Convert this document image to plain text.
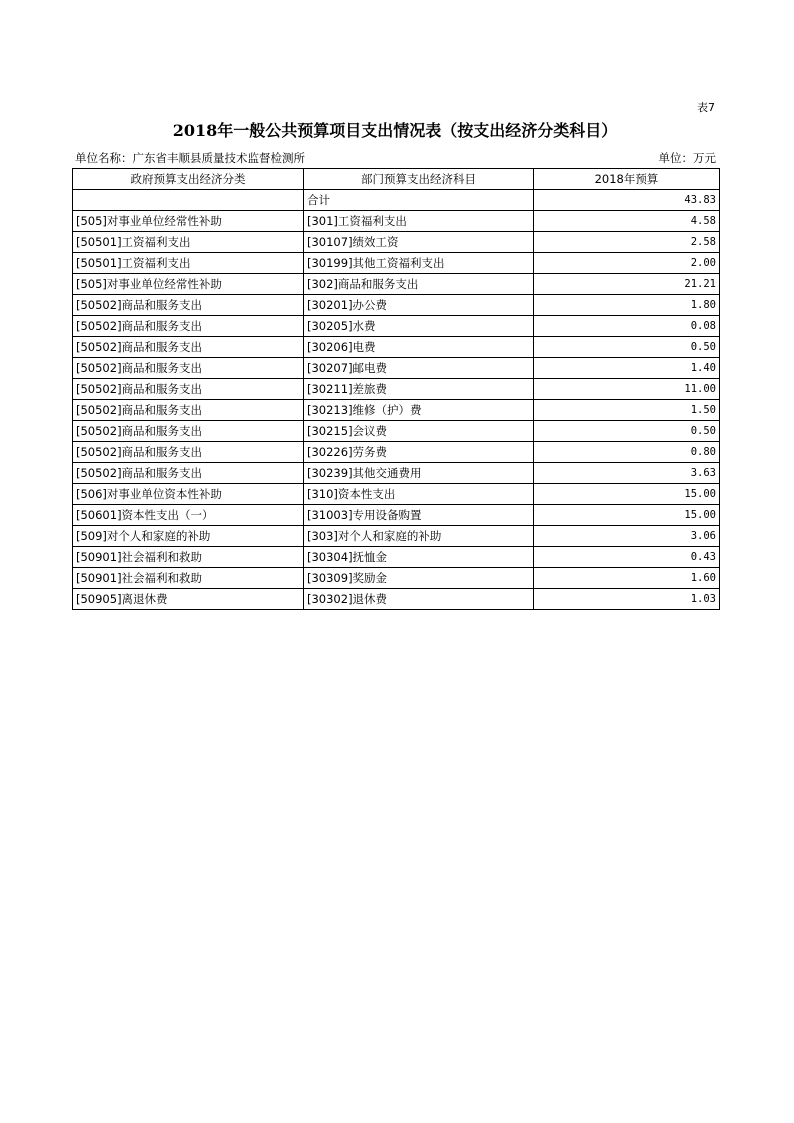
表7
2018年一般公共预算项目支出情况表（按支出经济分类科目）
单位名称：广东省丰顺县质量技术监督检测所	单位：万元
政府预算支出经济分类	部门预算支出经济科目	2018年预算
	合计	43.83
[505]对事业单位经常性补助	[301]工资福利支出	4.58
[50501]工资福利支出	[30107]绩效工资	2.58
[50501]工资福利支出	[30199]其他工资福利支出	2.00
[505]对事业单位经常性补助	[302]商品和服务支出	21.21
[50502]商品和服务支出	[30201]办公费	1.80
[50502]商品和服务支出	[30205]水费	0.08
[50502]商品和服务支出	[30206]电费	0.50
[50502]商品和服务支出	[30207]邮电费	1.40
[50502]商品和服务支出	[30211]差旅费	11.00
[50502]商品和服务支出	[30213]维修（护）费	1.50
[50502]商品和服务支出	[30215]会议费	0.50
[50502]商品和服务支出	[30226]劳务费	0.80
[50502]商品和服务支出	[30239]其他交通费用	3.63
[506]对事业单位资本性补助	[310]资本性支出	15.00
[50601]资本性支出（一）	[31003]专用设备购置	15.00
[509]对个人和家庭的补助	[303]对个人和家庭的补助	3.06
[50901]社会福利和救助	[30304]抚恤金	0.43
[50901]社会福利和救助	[30309]奖励金	1.60
[50905]离退休费	[30302]退休费	1.03
